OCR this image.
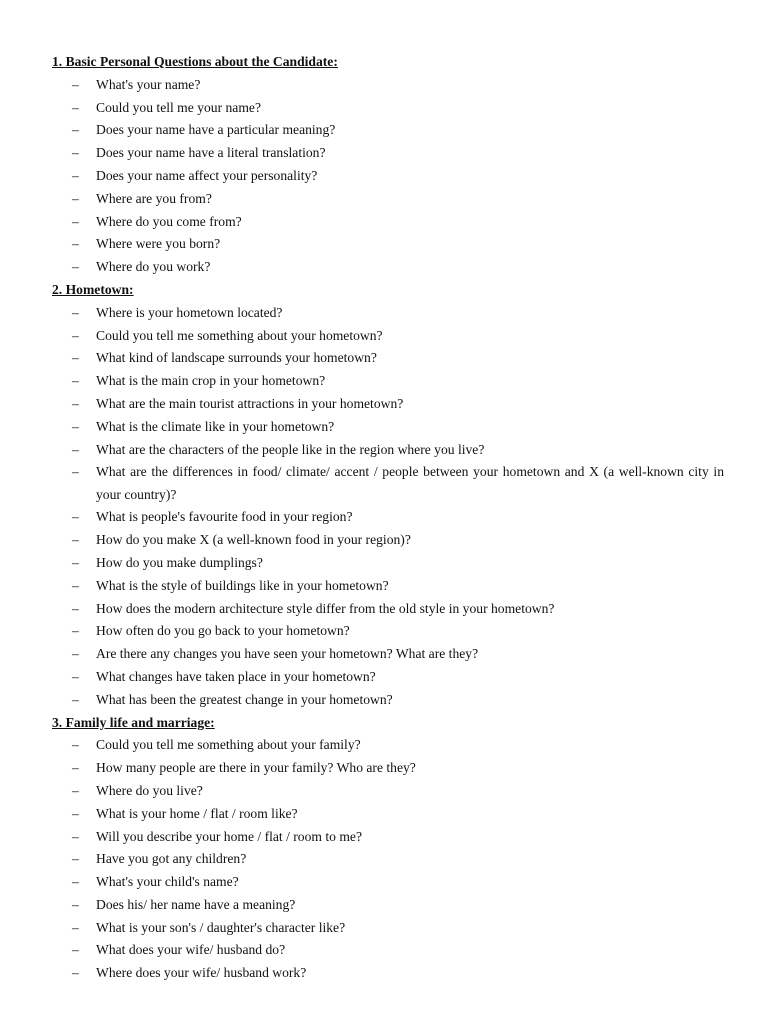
1. Basic Personal Questions about the Candidate:
– What's your name?
– Could you tell me your name?
– Does your name have a particular meaning?
– Does your name have a literal translation?
– Does your name affect your personality?
– Where are you from?
– Where do you come from?
– Where were you born?
– Where do you work?
2. Hometown:
– Where is your hometown located?
– Could you tell me something about your hometown?
– What kind of landscape surrounds your hometown?
– What is the main crop in your hometown?
– What are the main tourist attractions in your hometown?
– What is the climate like in your hometown?
– What are the characters of the people like in the region where you live?
– What are the differences in food/ climate/ accent / people between your hometown and X (a well-known city in your country)?
– What is people's favourite food in your region?
– How do you make X (a well-known food in your region)?
– How do you make dumplings?
– What is the style of buildings like in your hometown?
– How does the modern architecture style differ from the old style in your hometown?
– How often do you go back to your hometown?
– Are there any changes you have seen your hometown? What are they?
– What changes have taken place in your hometown?
– What has been the greatest change in your hometown?
3. Family life and marriage:
– Could you tell me something about your family?
– How many people are there in your family? Who are they?
– Where do you live?
– What is your home / flat / room like?
– Will you describe your home / flat / room to me?
– Have you got any children?
– What's your child's name?
– Does his/ her name have a meaning?
– What is your son's / daughter's character like?
– What does your wife/ husband do?
– Where does your wife/ husband work?
